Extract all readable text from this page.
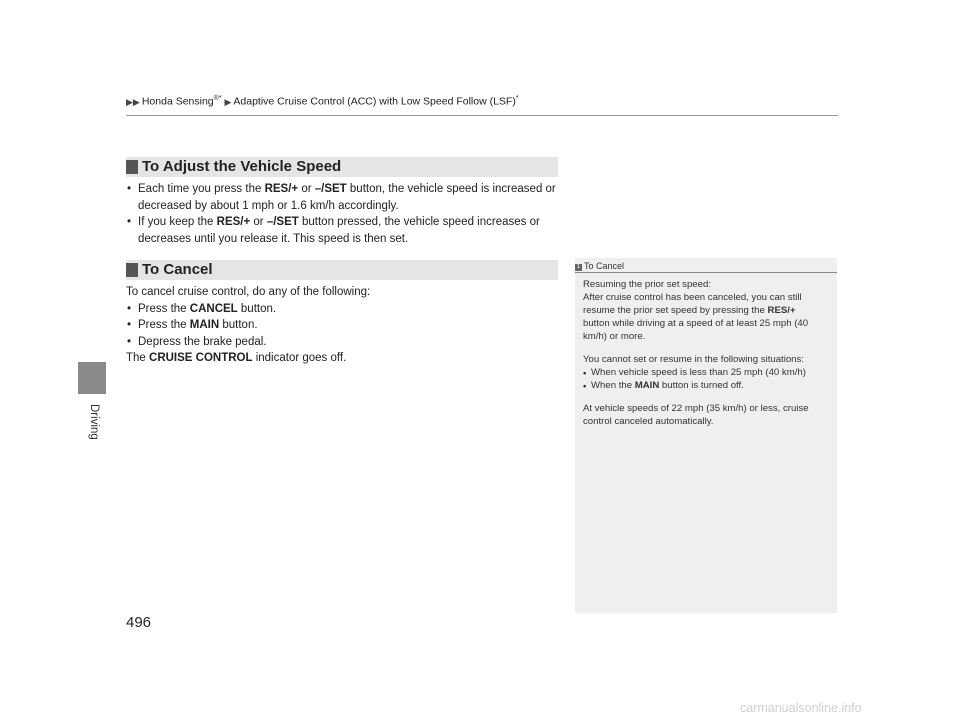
Driving
▶▶ Honda Sensing®* ▶ Adaptive Cruise Control (ACC) with Low Speed Follow (LSF)*
To Adjust the Vehicle Speed
• Each time you press the RES/+ or –/SET button, the vehicle speed is increased or
decreased by about 1 mph or 1.6 km/h accordingly.
• If you keep the RES/+ or –/SET button pressed, the vehicle speed increases or
decreases until you release it. This speed is then set.
To Cancel
To cancel cruise control, do any of the following:
• Press the CANCEL button.
• Press the MAIN button.
• Depress the brake pedal.
The CRUISE CONTROL indicator goes off.
1 To Cancel

Resuming the prior set speed:
After cruise control has been canceled, you can still
resume the prior set speed by pressing the RES/+
button while driving at a speed of at least 25 mph (40
km/h) or more.

You cannot set or resume in the following situations:
• When vehicle speed is less than 25 mph (40 km/h)
• When the MAIN button is turned off.

At vehicle speeds of 22 mph (35 km/h) or less, cruise
control canceled automatically.

496
carmanualsonline.info
